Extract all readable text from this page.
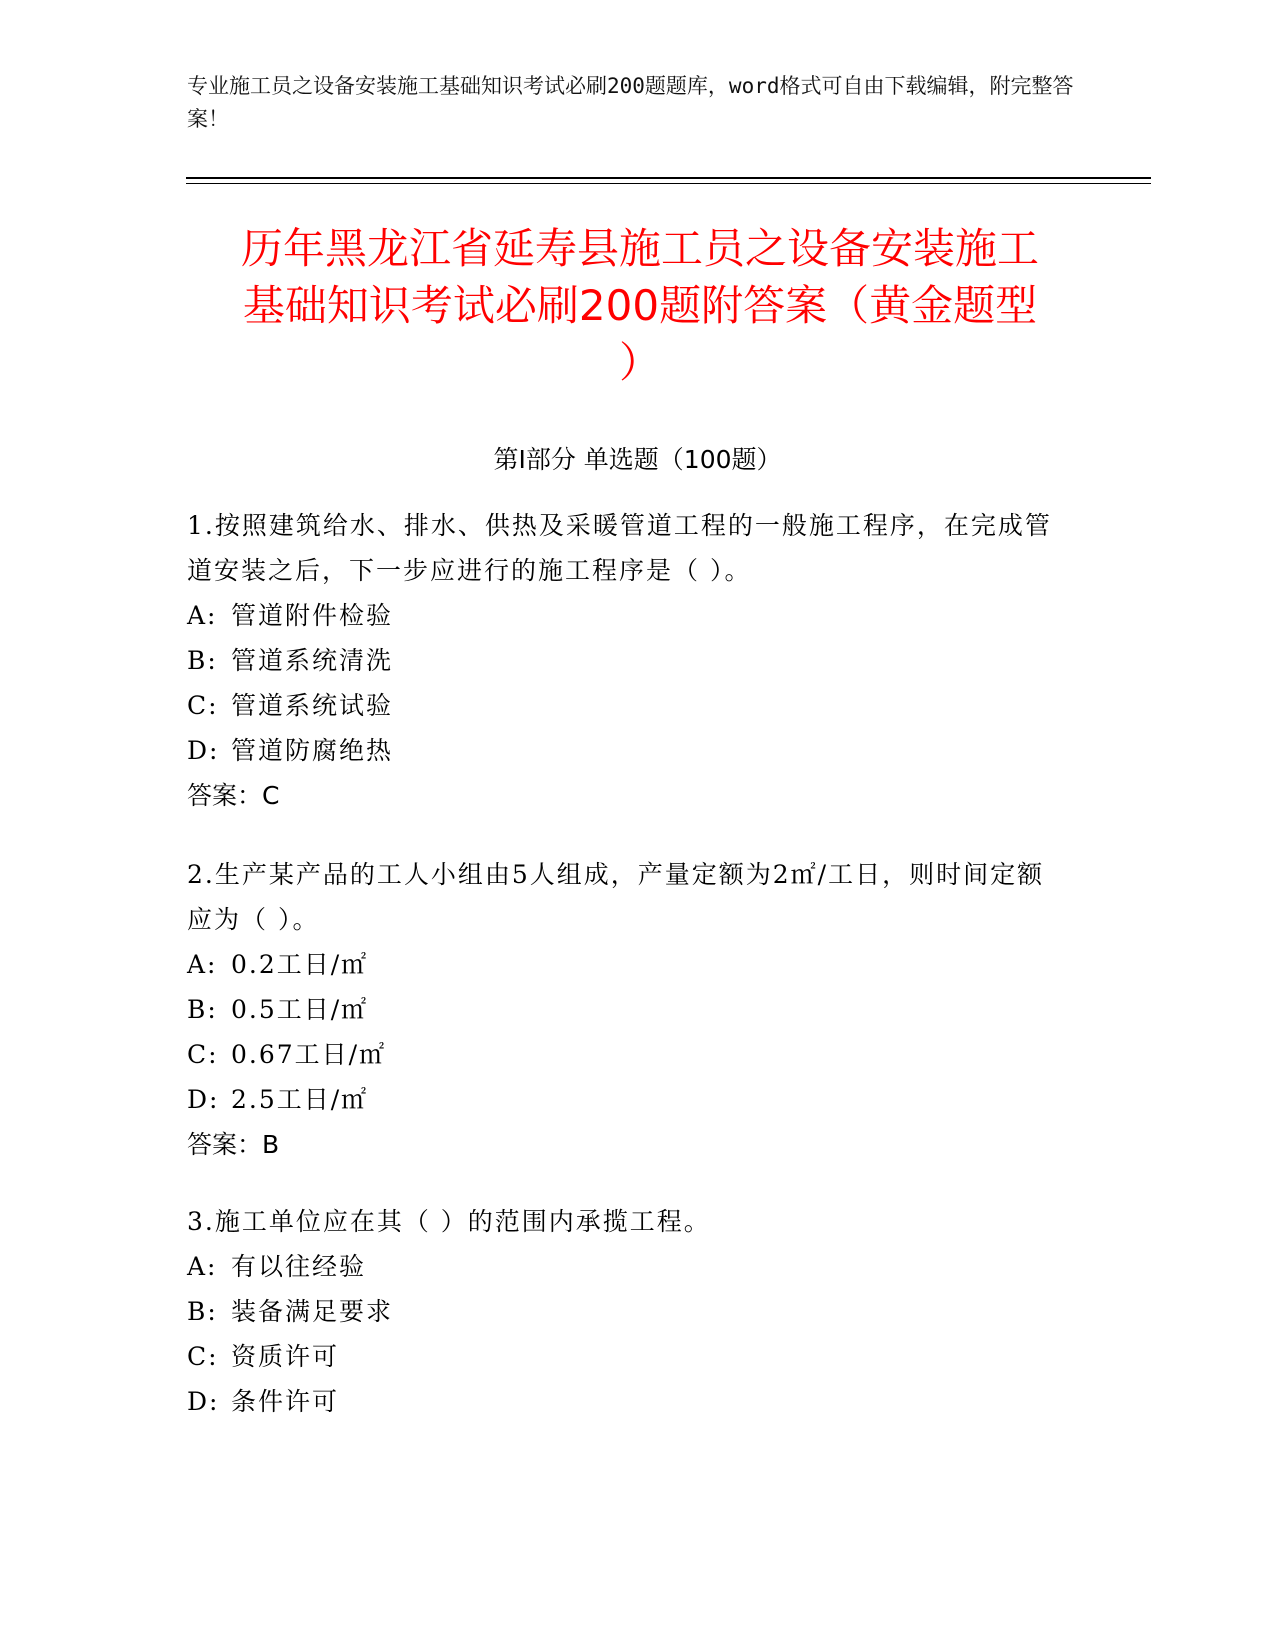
专业施工员之设备安装施工基础知识考试必刷200题题库，word格式可自由下载编辑，附完整答案！
历年黑龙江省延寿县施工员之设备安装施工
基础知识考试必刷200题附答案（黄金题型
）
第Ⅰ部分 单选题（100题）
1.按照建筑给水、排水、供热及采暖管道工程的一般施工程序，在完成管道安装之后，下一步应进行的施工程序是（ ）。
A: 管道附件检验
B: 管道系统清洗
C: 管道系统试验
D: 管道防腐绝热
答案：C
2.生产某产品的工人小组由5人组成，产量定额为2㎡/工日，则时间定额应为（ ）。
A: 0.2工日/㎡
B: 0.5工日/㎡
C: 0.67工日/㎡
D: 2.5工日/㎡
答案：B
3.施工单位应在其（ ）的范围内承揽工程。
A: 有以往经验
B: 装备满足要求
C: 资质许可
D: 条件许可
